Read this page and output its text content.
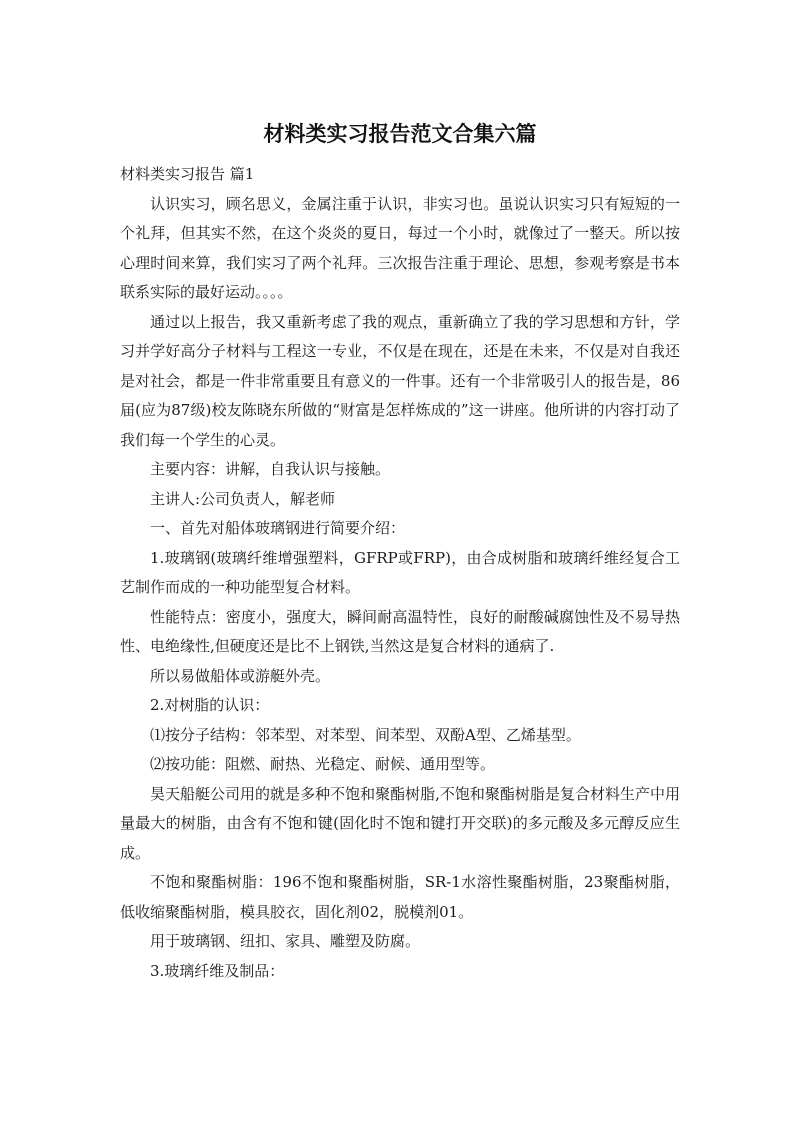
材料类实习报告范文合集六篇

材料类实习报告 篇1

认识实习，顾名思义，金属注重于认识，非实习也。虽说认识实习只有短短的一个礼拜，但其实不然，在这个炎炎的夏日，每过一个小时，就像过了一整天。所以按心理时间来算，我们实习了两个礼拜。三次报告注重于理论、思想，参观考察是书本联系实际的最好运动。。。。

通过以上报告，我又重新考虑了我的观点，重新确立了我的学习思想和方针，学习并学好高分子材料与工程这一专业，不仅是在现在，还是在未来，不仅是对自我还是对社会，都是一件非常重要且有意义的一件事。还有一个非常吸引人的报告是，86届(应为87级)校友陈晓东所做的“财富是怎样炼成的”这一讲座。他所讲的内容打动了我们每一个学生的心灵。

主要内容：讲解，自我认识与接触。

主讲人:公司负责人，解老师

一、首先对船体玻璃钢进行简要介绍：

1.玻璃钢(玻璃纤维增强塑料，GFRP或FRP)，由合成树脂和玻璃纤维经复合工艺制作而成的一种功能型复合材料。

性能特点：密度小，强度大，瞬间耐高温特性，良好的耐酸碱腐蚀性及不易导热性、电绝缘性,但硬度还是比不上钢铁,当然这是复合材料的通病了.

所以易做船体或游艇外壳。

2.对树脂的认识：

⑴按分子结构：邻苯型、对苯型、间苯型、双酚A型、乙烯基型。

⑵按功能：阻燃、耐热、光稳定、耐候、通用型等。

昊天船艇公司用的就是多种不饱和聚酯树脂,不饱和聚酯树脂是复合材料生产中用量最大的树脂，由含有不饱和键(固化时不饱和键打开交联)的多元酸及多元醇反应生成。

不饱和聚酯树脂：196不饱和聚酯树脂，SR-1水溶性聚酯树脂，23聚酯树脂，低收缩聚酯树脂，模具胶衣，固化剂02，脱模剂01。

用于玻璃钢、纽扣、家具、雕塑及防腐。

3.玻璃纤维及制品：
